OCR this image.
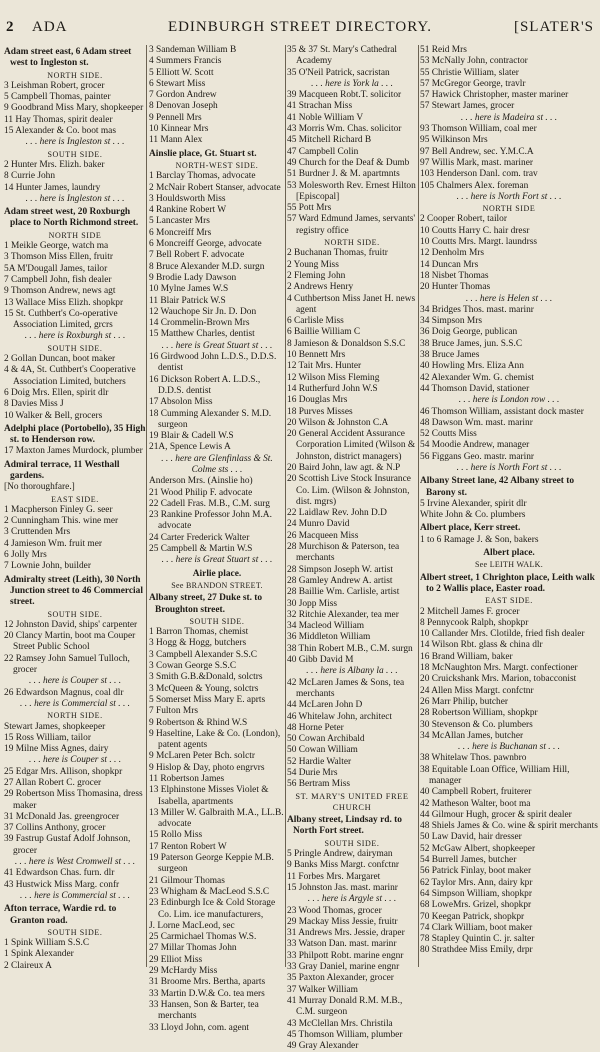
2 ADA	EDINBURGH STREET DIRECTORY.	[SLATER'S
Adam street east, 6 Adam street west to Ingleston st.
NORTH SIDE.
3 Leishman Robert, grocer
5 Campbell Thomas, painter
9 Goodbrand Miss Mary, shopkeeper
11 Hay Thomas, spirit dealer
15 Alexander & Co. boot mas
. . . here is Ingleston st . . .
SOUTH SIDE.
2 Hunter Mrs. Elizh. baker
8 Currie John
14 Hunter James, laundry
. . . here is Ingleston st . . .
Adam street west, 20 Roxburgh place to North Richmond street.
NORTH SIDE
1 Meikle George, watch ma
3 Thomson Miss Ellen, fruitr
5A M'Dougall James, tailor
7 Campbell John, fish dealer
9 Thomson Andrew, news agt
13 Wallace Miss Elizh. shopkpr
15 St. Cuthbert's Co-operative Association Limited, grcrs
. . . here is Roxburgh st . . .
SOUTH SIDE.
2 Gollan Duncan, boot maker
4 & 4A, St. Cuthbert's Cooperative Association Limited, butchers
6 Doig Mrs. Ellen, spirit dlr
8 Davies Miss J
10 Walker & Bell, grocers
Adelphi place (Portobello), 35 High st. to Henderson row.
17 Maxton James Murdock, plumber
Admiral terrace, 11 Westhall gardens.
[No thoroughfare.]
EAST SIDE.
1 Macpherson Finley G. seer
2 Cunningham This. wine mer
3 Cruttenden Mrs
4 Jamieson Wm. fruit mer
6 Jolly Mrs
7 Lownie John, builder
Admiralty street (Leith), 30 North Junction street to 46 Commercial street.
SOUTH SIDE.
12 Johnston David, ships' carpenter
20 Clancy Martin, boot ma Couper Street Public School
22 Ramsey John Samuel Tulloch, grocer
. . . here is Couper st . . .
26 Edwardson Magnus, coal dlr
. . . here is Commercial st . . .
NORTH SIDE.
Stewart James, shopkeeper
15 Ross William, tailor
19 Milne Miss Agnes, dairy
. . . here is Couper st . . .
25 Edgar Mrs. Allison, shopkpr
27 Allan Robert C. grocer
29 Robertson Miss Thomasina, dress maker
31 McDonald Jas. greengrocer
37 Collins Anthony, grocer
39 Fastrup Gustaf Adolf Johnson, grocer
. . . here is West Cromwell st . . .
41 Edwardson Chas. furn. dlr
43 Hustwick Miss Marg. confr
. . . here is Commercial st . . .
Afton terrace, Wardie rd. to Granton road.
SOUTH SIDE.
1 Spink William S.S.C
1 Spink Alexander
2 Claireux A
3 Sandeman William B
4 Summers Francis
5 Elliott W. Scott
6 Stewart Miss
7 Gordon Andrew
8 Denovan Joseph
9 Pennell Mrs
10 Kinnear Mrs
11 Mann Alex
Ainslie place, Gt. Stuart st.
NORTH-WEST SIDE.
1 Barclay Thomas, advocate
2 McNair Robert Stanser, advocate
3 Houldsworth Miss
4 Rankine Robert W
5 Lancaster Mrs
6 Moncreiff Mrs
6 Moncreiff George, advocate
7 Bell Robert F. advocate
8 Bruce Alexander M.D. surgn
9 Brodie Lady Dawson
10 Mylne James W.S
11 Blair Patrick W.S
12 Wauchope Sir Jn. D. Don
14 Crommelin-Brown Mrs
15 Matthew Charles, dentist
. . . here is Great Stuart st . . .
16 Girdwood John L.D.S., D.D.S. dentist
16 Dickson Robert A. L.D.S., D.D.S. dentist
17 Absolon Miss
18 Cumming Alexander S. M.D. surgeon
19 Blair & Cadell W.S
21A, Spence Lewis A
. . . here are Glenfinlass & St. Colme sts . . .
Anderson Mrs. (Ainslie ho)
21 Wood Philip F. advocate
22 Cadell Fras. M.B., C.M. surg
23 Rankine Professor John M.A. advocate
24 Carter Frederick Walter
25 Campbell & Martin W.S
. . . here is Great Stuart st . . .
Airlie place.
See BRANDON STREET.
Albany street, 27 Duke st. to Broughton street.
SOUTH SIDE.
1 Barron Thomas, chemist
3 Hogg & Hogg, butchers
3 Campbell Alexander S.S.C
3 Cowan George S.S.C
3 Smith G.B.&Donald, solctrs
3 McQueen & Young, solctrs
5 Somerset Miss Mary E. aprts
7 Fulton Mrs
9 Robertson & Rhind W.S
9 Haseltine, Lake & Co. (London), patent agents
9 McLaren Peter Bch. solctr
9 Hislop & Day, photo engrvrs
11 Robertson James
13 Elphinstone Misses Violet & Isabella, apartments
13 Miller W. Galbraith M.A., LL.B. advocate
15 Rollo Miss
17 Renton Robert W
19 Paterson George Keppie M.B. surgeon
21 Gilmour Thomas
23 Whigham & MacLeod S.S.C
23 Edinburgh Ice & Cold Storage Co. Lim. ice manufacturers,
J. Lorne MacLeod, sec
25 Carmichael Thomas W.S.
27 Millar Thomas John
29 Elliot Miss
29 McHardy Miss
31 Broome Mrs. Bertha, aparts
33 Martin D.W.& Co. tea mers
33 Hansen, Son & Barter, tea merchants
33 Lloyd John, com. agent
35 & 37 St. Mary's Cathedral Academy
35 O'Neil Patrick, sacristan
. . . here is York la . . .
39 Macqueen Robt.T. solicitor
41 Strachan Miss
41 Noble William V
43 Morris Wm. Chas. solicitor
45 Mitchell Richard B
47 Campbell Colin
49 Church for the Deaf & Dumb
51 Burdner J. & M. apartmnts
53 Molesworth Rev. Ernest Hilton [Episcopal]
55 Pott Mrs
57 Ward Edmund James, servants' registry office
NORTH SIDE.
2 Buchanan Thomas, fruitr
2 Young Miss
2 Fleming John
2 Andrews Henry
4 Cuthbertson Miss Janet H. news agent
6 Carlisle Miss
6 Baillie William C
8 Jamieson & Donaldson S.S.C
10 Bennett Mrs
12 Tait Mrs. Hunter
12 Wilson Miss Fleming
14 Rutherfurd John W.S
16 Douglas Mrs
18 Purves Misses
20 Wilson & Johnston C.A
20 General Accident Assurance Corporation Limited (Wilson & Johnston, district managers)
20 Baird John, law agt. & N.P
20 Scottish Live Stock Insurance Co. Lim. (Wilson & Johnston, dist. mgrs)
22 Laidlaw Rev. John D.D
24 Munro David
26 Macqueen Miss
28 Murchison & Paterson, tea merchants
28 Simpson Joseph W. artist
28 Gamley Andrew A. artist
28 Baillie Wm. Carlisle, artist
30 Jopp Miss
32 Ritchie Alexander, tea mer
34 Macleod William
36 Middleton William
38 Thin Robert M.B., C.M. surgn
40 Gibb David M
. . . here is Albany la . . .
42 McLaren James & Sons, tea merchants
44 McLaren John D
46 Whitelaw John, architect
48 Horne Peter
50 Cowan Archibald
50 Cowan William
52 Hardie Walter
54 Durie Mrs
56 Bertram Miss
ST. MARY'S UNITED FREE CHURCH
Albany street, Lindsay rd. to North Fort street.
SOUTH SIDE.
5 Pringle Andrew, dairyman
9 Banks Miss Margt. confctnr
11 Forbes Mrs. Margaret
15 Johnston Jas. mast. marinr
. . . here is Argyle st . . .
23 Wood Thomas, grocer
29 Mackay Miss Jessie, fruitr
31 Andrews Mrs. Jessie, draper
33 Watson Dan. mast. marinr
33 Philpott Robt. marine engnr
33 Gray Daniel, marine engnr
35 Paxton Alexander, grocer
37 Walker William
41 Murray Donald R.M. M.B., C.M. surgeon
43 McClellan Mrs. Christila
45 Thomson William, plumber
49 Gray Alexander
51 Reid Mrs
53 McNally John, contractor
55 Christie William, slater
57 McGregor George, travlr
57 Hawick Christopher, master mariner
57 Stewart James, grocer
. . . here is Madeira st . . .
93 Thomson William, coal mer
95 Wilkinson Mrs
97 Bell Andrew, sec. Y.M.C.A
97 Willis Mark, mast. mariner
103 Henderson Danl. com. trav
105 Chalmers Alex. foreman
. . . here is North Fort st . . .
NORTH SIDE
2 Cooper Robert, tailor
10 Coutts Harry C. hair dresr
10 Coutts Mrs. Margt. laundrss
12 Denholm Mrs
14 Duncan Mrs
18 Nisbet Thomas
20 Hunter Thomas
. . . here is Helen st . . .
34 Bridges Thos. mast. marinr
34 Simpson Mrs
36 Doig George, publican
38 Bruce James, jun. S.S.C
38 Bruce James
40 Howling Mrs. Eliza Ann
42 Alexander Wm. G. chemist
44 Thomson David, stationer
. . . here is London row . . .
46 Thomson William, assistant dock master
48 Dawson Wm. mast. marinr
52 Coutts Miss
54 Moodie Andrew, manager
56 Figgans Geo. mastr. marinr
. . . here is North Fort st . . .
Albany Street lane, 42 Albany street to Barony st.
5 Irvine Alexander, spirit dlr
White John & Co. plumbers
Albert place, Kerr street.
1 to 6 Ramage J. & Son, bakers
Albert place.
See LEITH WALK.
Albert street, 1 Chrighton place, Leith walk to 2 Wallis place, Easter road.
EAST SIDE.
2 Mitchell James F. grocer
8 Pennycook Ralph, shopkpr
10 Callander Mrs. Clotilde, fried fish dealer
14 Wilson Rbt. glass & china dlr
16 Brand William, baker
18 McNaughton Mrs. Margt. confectioner
20 Cruickshank Mrs. Marion, tobacconist
24 Allen Miss Margt. confctnr
26 Marr Philip, butcher
28 Robertson William, shopkpr
30 Stevenson & Co. plumbers
34 McAllan James, butcher
. . . here is Buchanan st . . .
38 Whitelaw Thos. pawnbro
38 Equitable Loan Office, William Hill, manager
40 Campbell Robert, fruiterer
42 Matheson Walter, boot ma
44 Gilmour Hugh, grocer & spirit dealer
48 Shiels James & Co. wine & spirit merchants
50 Law David, hair dresser
52 McGaw Albert, shopkeeper
54 Burrell James, butcher
56 Patrick Finlay, boot maker
62 Taylor Mrs. Ann, dairy kpr
64 Simpson William, shopkpr
68 LoweMrs. Grizel, shopkpr
70 Keegan Patrick, shopkpr
74 Clark William, boot maker
78 Stapley Quintin C. jr. salter
80 Strathdee Miss Emily, drpr
